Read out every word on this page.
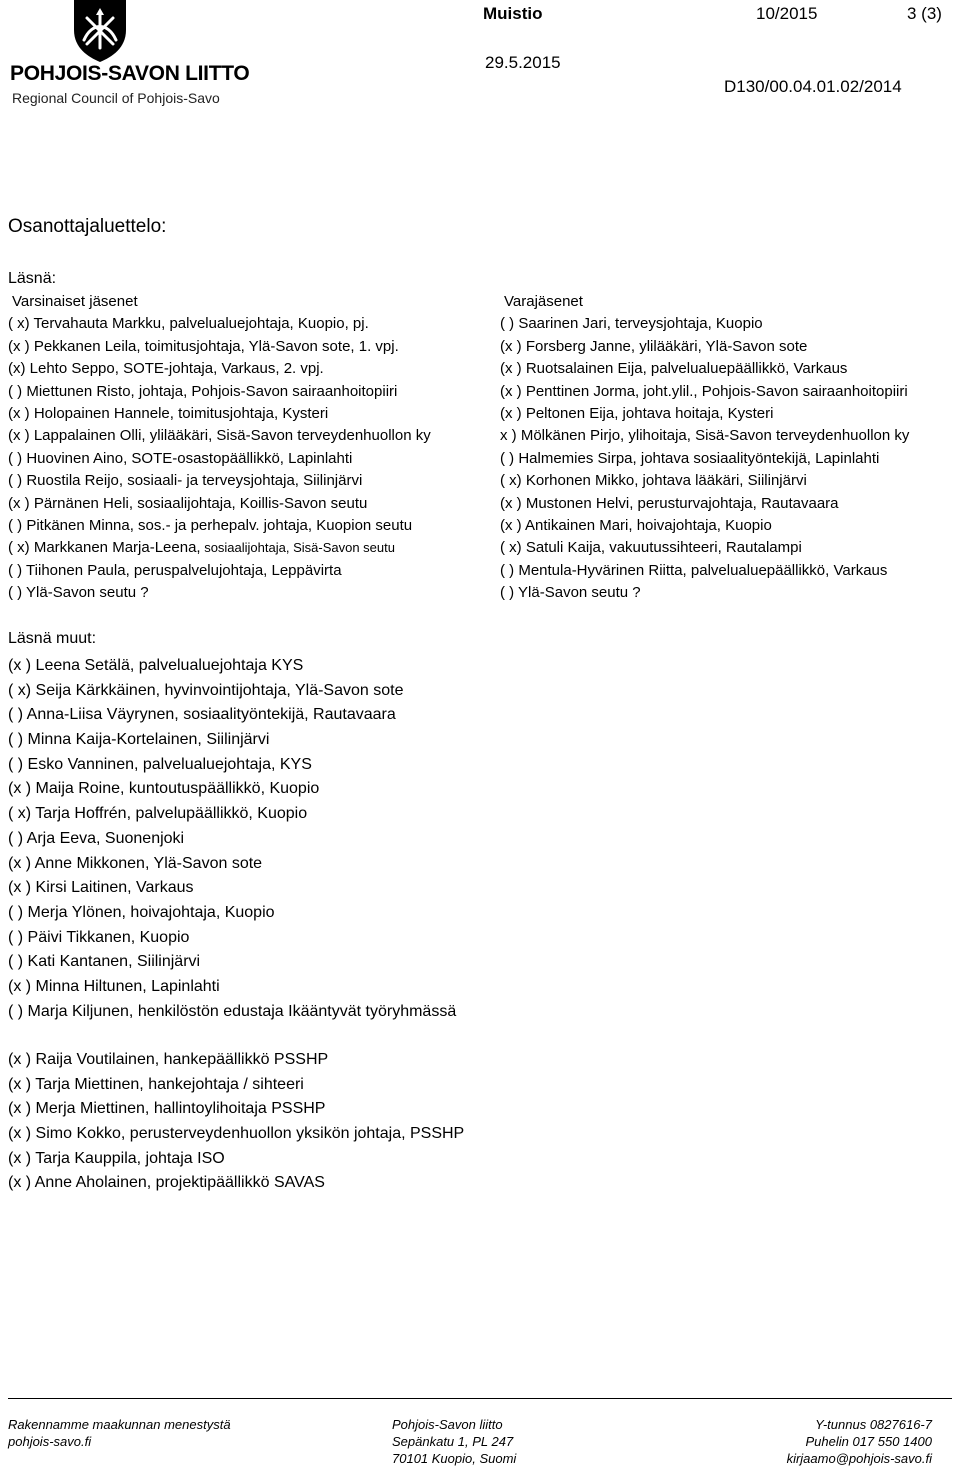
POHJOIS-SAVON LIITTO
Regional Council of Pohjois-Savo
Muistio	10/2015	3 (3)
29.5.2015
D130/00.04.01.02/2014
Osanottajaluettelo:
Läsnä:
Varsinaiset jäsenet
( x) Tervahauta Markku, palvelualuejohtaja, Kuopio, pj.
(x ) Pekkanen Leila, toimitusjohtaja, Ylä-Savon sote, 1. vpj.
(x) Lehto Seppo, SOTE-johtaja, Varkaus, 2. vpj.
( ) Miettunen Risto, johtaja, Pohjois-Savon sairaanhoitopiiri
(x ) Holopainen Hannele, toimitusjohtaja, Kysteri
(x ) Lappalainen Olli, ylilääkäri, Sisä-Savon terveydenhuollon ky
( ) Huovinen Aino, SOTE-osastopäällikkö, Lapinlahti
( ) Ruostila Reijo, sosiaali- ja terveysjohtaja, Siilinjärvi
(x ) Pärnänen Heli, sosiaalijohtaja, Koillis-Savon seutu
( ) Pitkänen Minna, sos.- ja perhepalv. johtaja, Kuopion seutu
( x) Markkanen Marja-Leena, sosiaalijohtaja, Sisä-Savon seutu
( ) Tiihonen Paula, peruspalvelujohtaja, Leppävirta
( ) Ylä-Savon seutu ?
Varajäsenet
( ) Saarinen Jari, terveysjohtaja, Kuopio
(x ) Forsberg Janne, ylilääkäri, Ylä-Savon sote
(x ) Ruotsalainen Eija, palvelualuepäällikkö, Varkaus
(x ) Penttinen Jorma, joht.ylil., Pohjois-Savon sairaanhoitopiiri
(x ) Peltonen Eija, johtava hoitaja, Kysteri
x ) Mölkänen Pirjo, ylihoitaja, Sisä-Savon terveydenhuollon ky
( ) Halmemies Sirpa, johtava sosiaalityöntekijä, Lapinlahti
( x) Korhonen Mikko, johtava lääkäri, Siilinjärvi
(x ) Mustonen Helvi, perusturvajohtaja, Rautavaara
(x ) Antikainen Mari, hoivajohtaja, Kuopio
( x) Satuli Kaija, vakuutussihteeri, Rautalampi
( ) Mentula-Hyvärinen Riitta, palvelualuepäällikkö, Varkaus
( ) Ylä-Savon seutu ?
Läsnä muut:
(x ) Leena Setälä, palvelualuejohtaja KYS
( x) Seija Kärkkäinen, hyvinvointijohtaja, Ylä-Savon sote
( ) Anna-Liisa Väyrynen, sosiaalityöntekijä, Rautavaara
( ) Minna Kaija-Kortelainen, Siilinjärvi
( ) Esko Vanninen, palvelualuejohtaja, KYS
(x ) Maija Roine, kuntoutuspäällikkö, Kuopio
( x) Tarja Hoffrén, palvelupäällikkö, Kuopio
( ) Arja Eeva, Suonenjoki
(x ) Anne Mikkonen, Ylä-Savon sote
(x ) Kirsi Laitinen, Varkaus
( ) Merja Ylönen, hoivajohtaja, Kuopio
( ) Päivi Tikkanen, Kuopio
( ) Kati Kantanen, Siilinjärvi
(x ) Minna Hiltunen, Lapinlahti
( ) Marja Kiljunen, henkilöstön edustaja Ikääntyvät työryhmässä
(x ) Raija Voutilainen, hankepäällikkö PSSHP
(x ) Tarja Miettinen, hankejohtaja / sihteeri
(x ) Merja Miettinen, hallintoylihoitaja PSSHP
(x ) Simo Kokko, perusterveydenhuollon yksikön johtaja, PSSHP
(x ) Tarja Kauppila, johtaja ISO
(x ) Anne Aholainen, projektipäällikkö SAVAS
Rakennamme maakunnan menestystä
pohjois-savo.fi
Pohjois-Savon liitto
Sepänkatu 1, PL 247
70101 Kuopio, Suomi
Y-tunnus 0827616-7
Puhelin 017 550 1400
kirjaamo@pohjois-savo.fi
